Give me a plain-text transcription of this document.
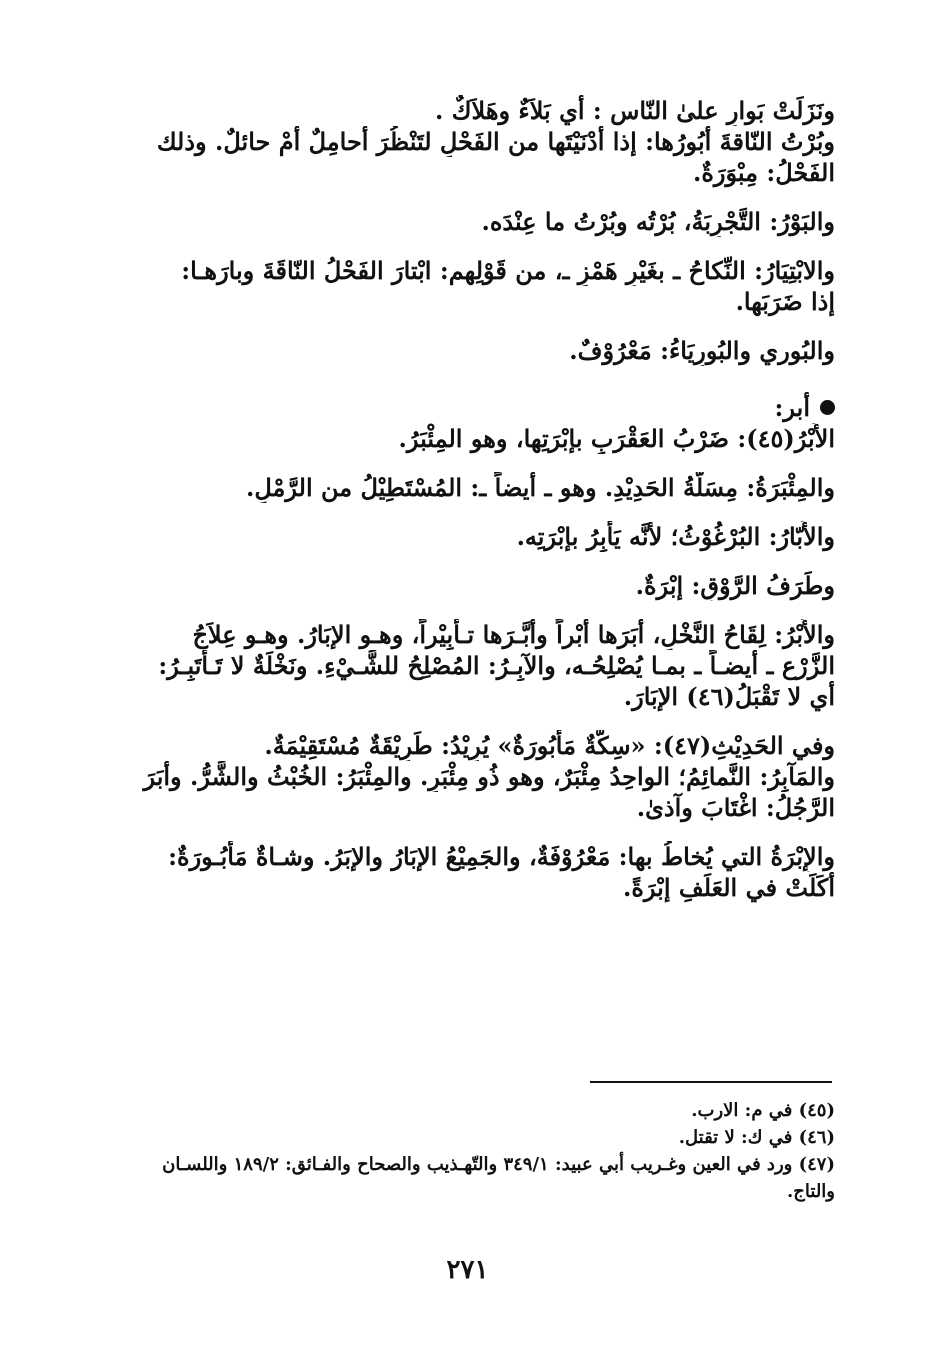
ونَزَلَتْ بَوارِ علىٰ النّاسِ : أي بَلاَءٌ وهَلاَكٌ .
وبُرْتُ النّاقةَ أَبُورُها: إذا أَدْنَيْتَها من الفَحْلِ لتَنْظُرَ أحامِلٌ أمْ حائلٌ. وذلك
الفَحْلُ: مِبْوَرَةٌ.
والبَوْرُ: التَّجْرِبَةُ، بُرْتُه وبُرْتُ ما عِنْدَه.
والابْتِيَارُ: النِّكاحُ ـ بغَيْرِ هَمْزٍ ـ، من قَوْلِهم: ابْتارَ الفَحْلُ النّاقَةَ وبارَهـا:
إذا ضَرَبَها.
والبُوري والبُورِيَاءُ: مَعْرُوْفٌ.
أبر:
الأَبْرُ(٤٥): ضَرْبُ العَقْرَبِ بإبْرَتِها، وهو المِئْبَرُ.
والمِئْبَرَةُ: مِسَلَّةُ الحَدِيْدِ. وهو ـ أيضاً ـ: المُسْتَطِيْلُ من الرَّمْلِ.
والأَبّارُ: البُرْغُوْثُ؛ لأنَّه يَأْبِرُ بإبْرَتِه.
وطَرَفُ الرَّوْقِ: إبْرَةٌ.
والأَبْرُ: لِقَاحُ النَّخْلِ، أَبَرَها أبْراً وأَبَّـرَها تـأْبِيْراً، وهـو الإبَارُ. وهـو عِلاَجُ
الزَّرْعِ ـ أيضـاً ـ بمـا يُصْلِحُـه، والآبِـرُ: المُصْلِحُ للشَّـيْءِ. ونَخْلَةٌ لا تَـأْتَبِـرُ:
أي لا تَقْبَلُ(٤٦) الإبَارَ.
وفي الحَدِيْثِ(٤٧): «سِكَّةٌ مَأْبُورَةٌ» يُرِيْدُ: طَرِيْقَةٌ مُسْتَقِيْمَةٌ.
والمَآبِرُ: النَّمائِمُ؛ الواحِدُ مِئْبَرٌ، وهو ذُو مِئْبَرٍ. والمِئْبَرُ: الخُبْثُ والشَّرُّ. وأَبَرَ
الرَّجُلُ: اغْتَابَ وآذىٰ.
والإِبْرَةُ التي يُخاطُ بها: مَعْرُوْفَةٌ، والجَمِيْعُ الإبَارُ والإبَرُ. وشـاةٌ مَأْبُـورَةٌ:
أكَلَتْ في العَلَفِ إبْرَةً.
(٤٥) في م: الارب.
(٤٦) في ك: لا تقتل.
(٤٧) ورد في العين وغـريب أبي عبيد: ٣٤٩/١ والتّهـذيب والصحاح والفـائق: ١٨٩/٢ واللسـان
والتاج.
٢٧١
